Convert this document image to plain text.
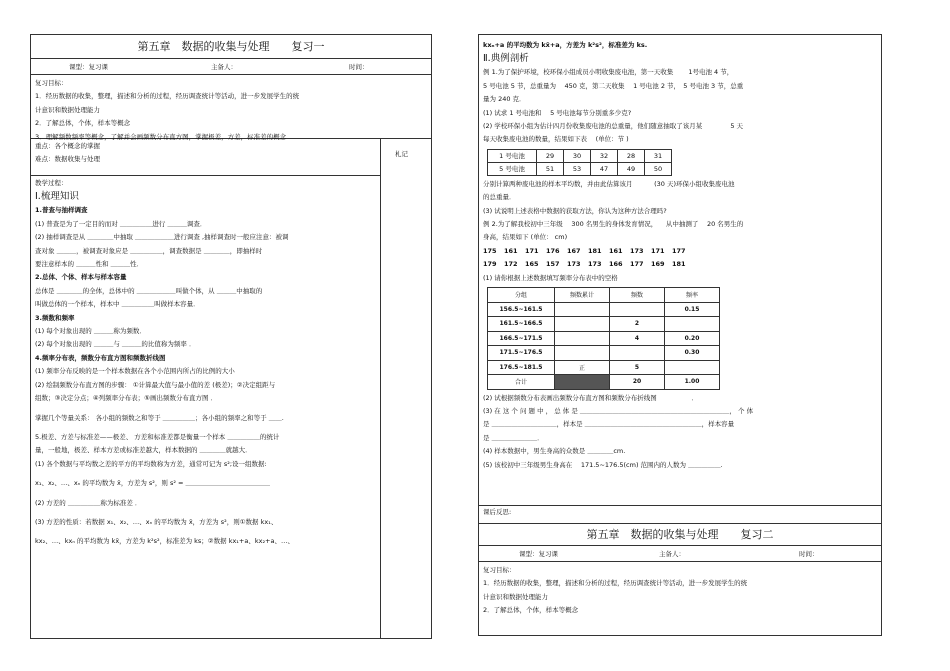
第五章　数据的收集与处理　　复习一
课型：复习课	主备人：	时间：
复习目标：
1．经历数据的收集，整理，描述和分析的过程，经历调查统计等活动，进一步发展学生的统
计意识和数据处理能力
2．了解总体，个体，样本等概念
3．理解频数频率等概念，了解并会画频数分布直方图，掌握极差，方差，标准差的概念
札记
重点：各个概念的掌握
难点：数据收集与处理
教学过程：
Ⅰ.梳理知识
1.普查与抽样调查
(1) 普查是为了一定目的而对 ＿＿＿＿＿进行 ＿＿＿调查．
(2) 抽样调查是从 ＿＿＿＿中抽取 ＿＿＿＿＿＿进行调查 ,抽样调查时一般应注意：被调
查对象 ＿＿＿，被调查对象应是 ＿＿＿＿＿，调查数据是 ＿＿＿＿，即抽样时
要注意样本的 ＿＿＿性和 ＿＿＿性．
2.总体、个体、样本与样本容量
总体是 ＿＿＿＿的全体，总体中的 ＿＿＿＿＿＿叫做个体，从 ＿＿＿中抽取的
叫做总体的一个样本，样本中 ＿＿＿＿＿叫做样本容量．
3.频数和频率
(1) 每个对象出现的 ＿＿＿称为频数．
(2) 每个对象出现的 ＿＿＿与 ＿＿＿的比值称为频率 ．
4.频率分布表，频数分布直方图和频数折线图
(1) 频率分布反映的是一个样本数据在各个小范围内所占的比例的大小
(2) 绘制频数分布直方图的步骤： ①计算最大值与最小值的差 (极差)；②决定组距与
组数；③决定分点；④列频率分布表；⑤画出频数分布直方图 ．
掌握几个等量关系： 各小组的频数之和等于 ＿＿＿＿＿；各小组的频率之和等于 ＿＿.
5.极差、方差与标准差——极差、 方差和标准差都是衡量一个样本 ＿＿＿＿＿的统计
量，一般地，极差、样本方差或标准差越大，样本数据的 ＿＿＿＿就越大．
(1) 各个数据与平均数之差的平方的平均数称为方差，通常可记为 s²;设一组数据:
x₁、x₂、…、xₙ 的平均数为 x̄，方差为 s²，则 s² = ＿＿＿＿＿＿＿＿＿＿＿＿＿
(2) 方差的 ＿＿＿＿＿称为标准差 ．
(3) 方差的性质：若数据 x₁、x₂、…、xₙ 的平均数为 x̄，方差为 s²，则①数据 kx₁、
kx₂、…、kxₙ 的平均数为 kx̄，方差为 k²s²，标准差为 ks；②数据 kx₁+a、kx₂+a、…、
kxₙ+a 的平均数为 kx̄+a，方差为 k²s²，标准差为 ks.
Ⅱ.典例剖析
例 1.为了保护环境，校环保小组成员小明收集废电池，第一天收集 　　1号电池 4 节，
5 号电池 5 节，总重量为 　450 克，第二天收集 　1 号电池 2 节，　5 号电池 3 节，总重
量为 240 克．
(1) 试求 1 号电池和 　5 号电池每节分别重多少克?
(2) 学校环保小组为估计四月份收集废电池的总重量，他们随意抽取了该月某 　　　　5 天
每天收集废电池的数量，结果如下表 　(单位：节 )
1 号电池	29	30	32	28	31
5 号电池	51	53	47	49	50
分别计算两种废电池的样本平均数，并由此估算该月 　　　(30 天)环保小组收集废电池
的总重量．
(3) 试说明上述表格中数据的获取方法，你认为这种方法合理吗?
例 2.为了解我校初中三年级 　300 名男生的身体发育情况， 　从中抽测了 　20 名男生的
身高，结果如下 (单位： cm)
175 161 171 176 167 181 161 173 171 177
179 172 165 157 173 173 166 177 169 181
(1) 请你根据上述数据填写频率分布表中的空格
分组	频数累计	频数	频率
156.5~161.5			0.15
161.5~166.5		2	
166.5~171.5		4	0.20
171.5~176.5			0.30
176.5~181.5	正	5	
合计		20	1.00
(2) 试根据频数分布表画出频数分布直方图和频数分布折线图 　　　　　．
(3) 在 这 个 问 题 中 ， 总 体 是 ＿＿＿＿＿＿＿＿＿＿＿＿＿＿＿＿＿＿＿＿＿＿＿， 个 体
是 ＿＿＿＿＿＿＿＿＿＿，样本是 ＿＿＿＿＿＿＿＿＿＿＿＿＿＿＿＿＿＿，样本容量
是 ＿＿＿＿＿＿＿．
(4) 样本数据中，男生身高的众数是 ＿＿＿＿cm.
(5) 该校初中三年级男生身高在 　171.5~176.5(cm) 范围内的人数为 ＿＿＿＿＿.
课后反思:
第五章　数据的收集与处理　　复习二
课型：复习课	主备人：	时间：
复习目标：
1．经历数据的收集，整理，描述和分析的过程，经历调查统计等活动，进一步发展学生的统
计意识和数据处理能力
2．了解总体，个体，样本等概念
